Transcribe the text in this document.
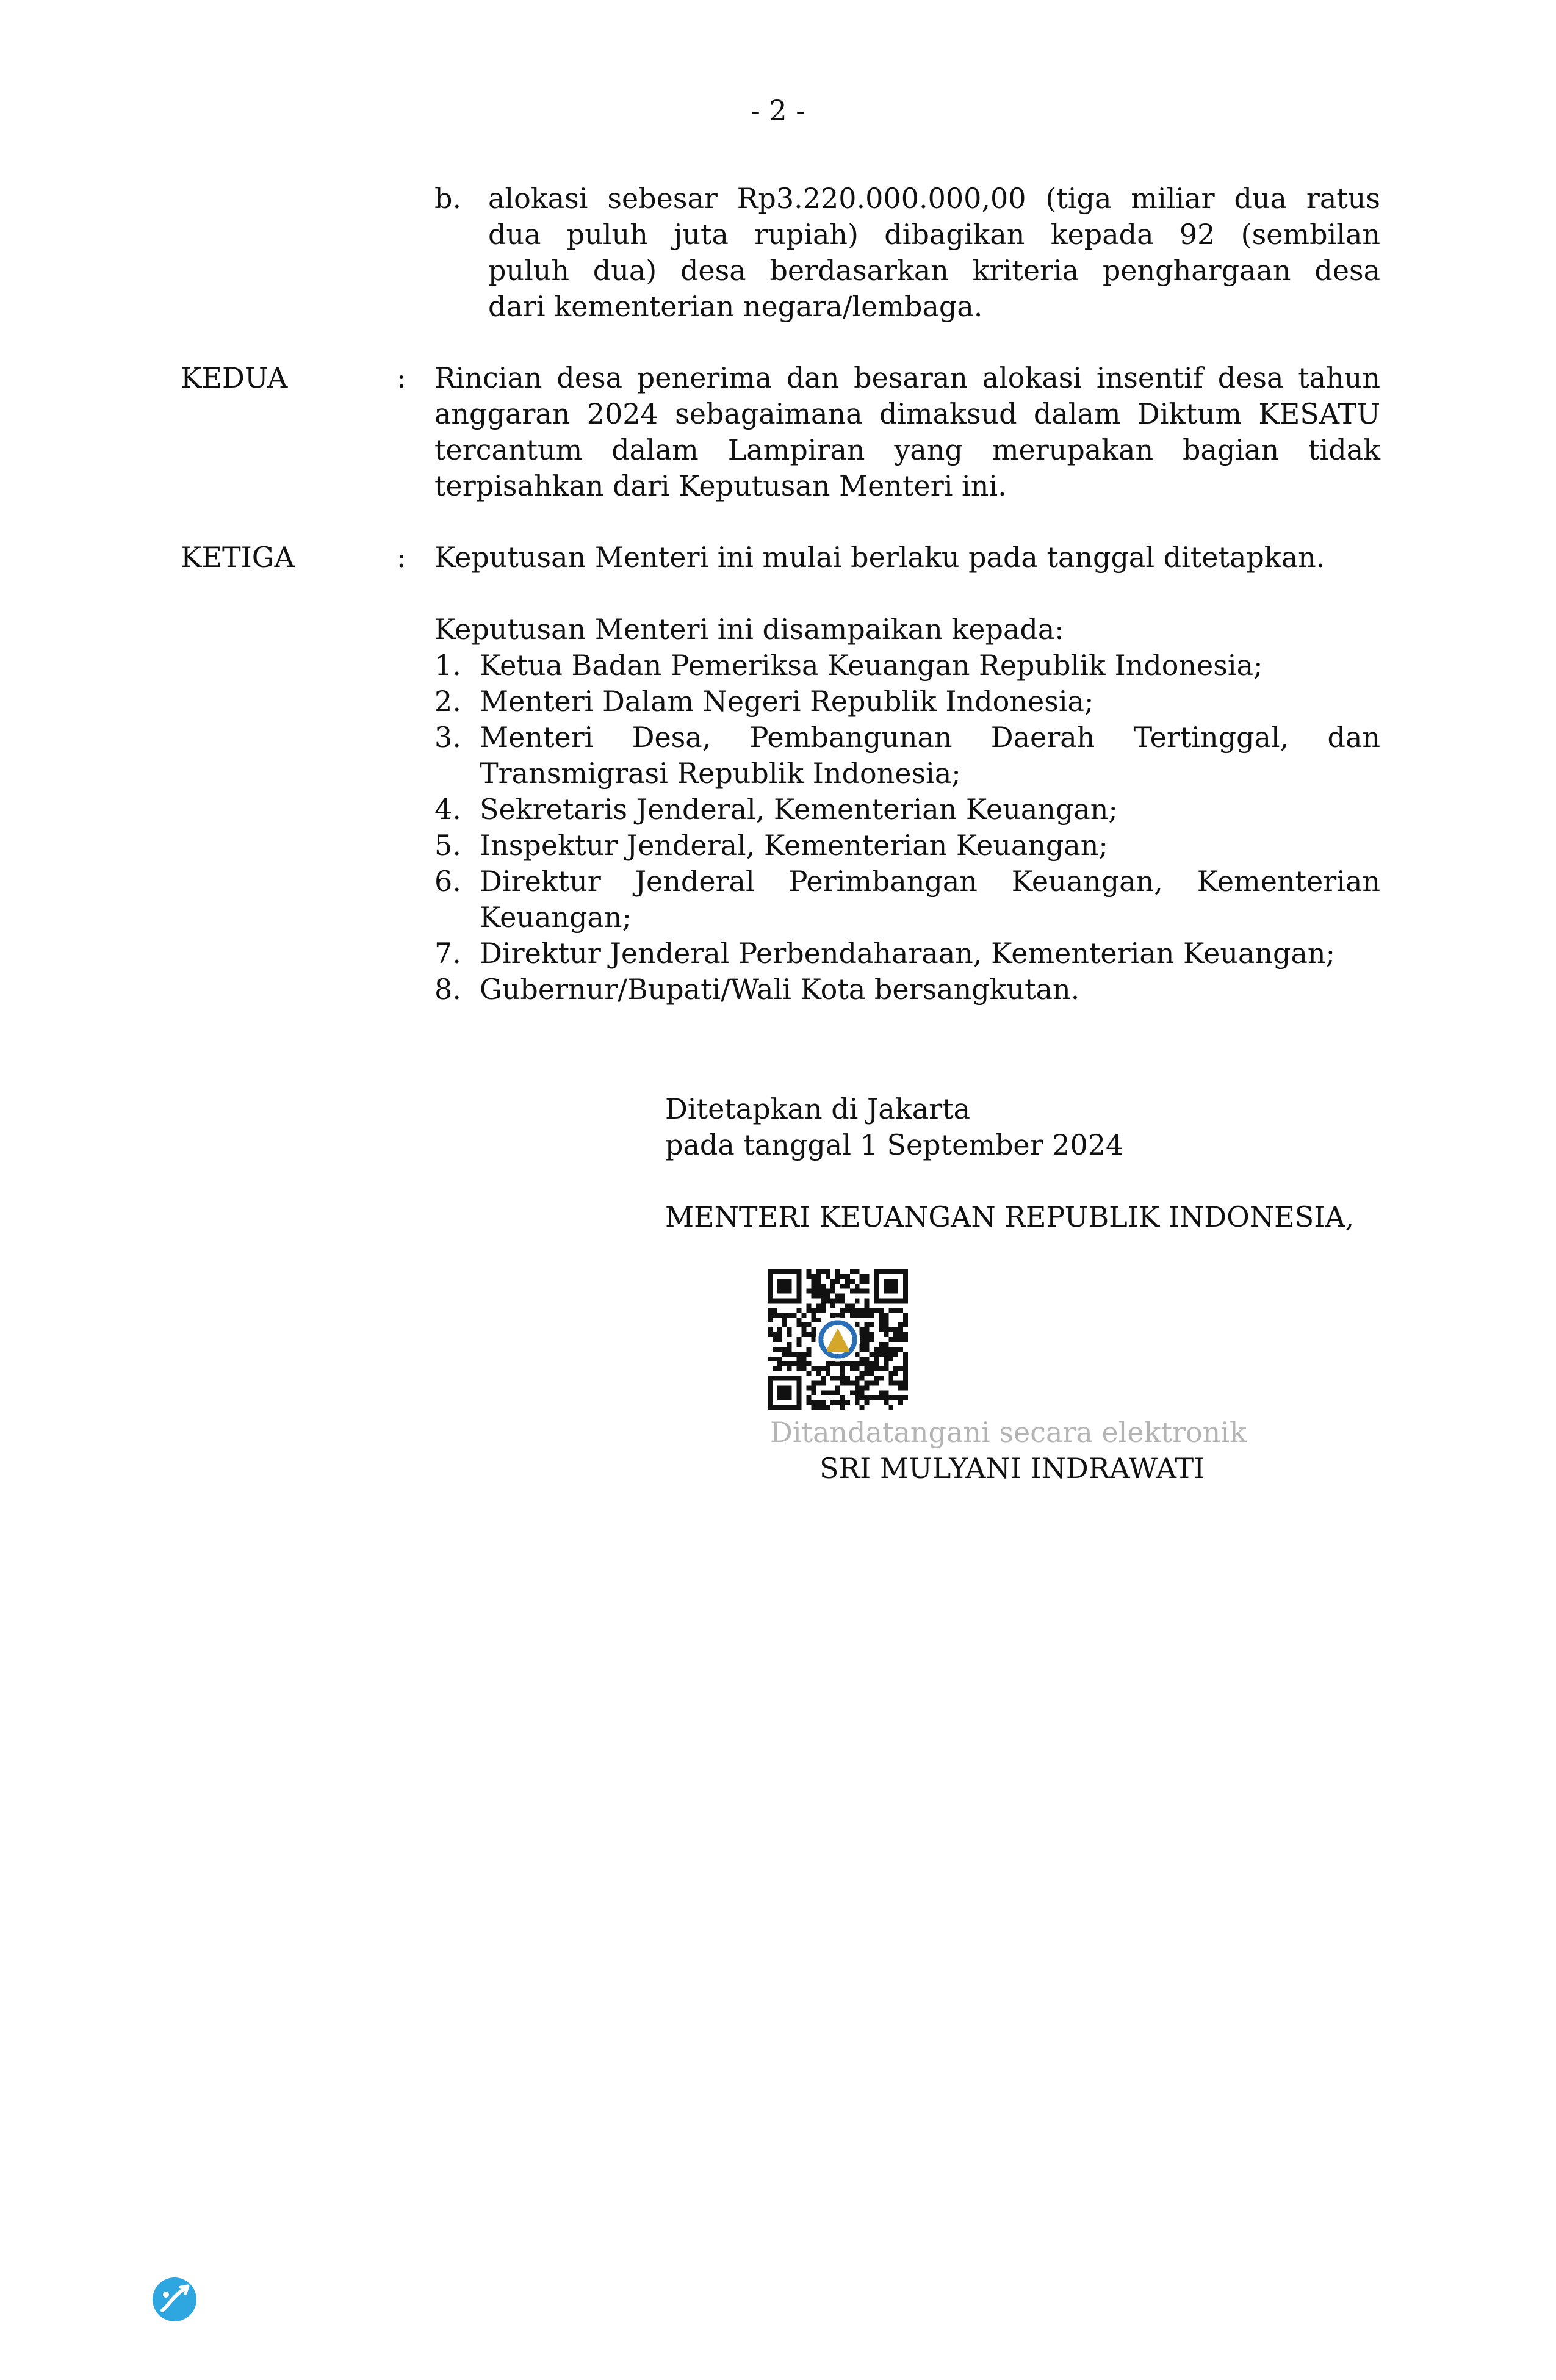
- 2 -
b. alokasi sebesar Rp3.220.000.000,00 (tiga miliar dua ratus
dua puluh juta rupiah) dibagikan kepada 92 (sembilan
puluh dua) desa berdasarkan kriteria penghargaan desa
dari kementerian negara/lembaga.
KEDUA	: Rincian desa penerima dan besaran alokasi insentif desa tahun
anggaran 2024 sebagaimana dimaksud dalam Diktum KESATU
tercantum dalam Lampiran yang merupakan bagian tidak
terpisahkan dari Keputusan Menteri ini.
KETIGA	: Keputusan Menteri ini mulai berlaku pada tanggal ditetapkan.
Keputusan Menteri ini disampaikan kepada:
1. Ketua Badan Pemeriksa Keuangan Republik Indonesia;
2. Menteri Dalam Negeri Republik Indonesia;
3. Menteri Desa, Pembangunan Daerah Tertinggal, dan
Transmigrasi Republik Indonesia;
4. Sekretaris Jenderal, Kementerian Keuangan;
5. Inspektur Jenderal, Kementerian Keuangan;
6. Direktur Jenderal Perimbangan Keuangan, Kementerian
Keuangan;
7. Direktur Jenderal Perbendaharaan, Kementerian Keuangan;
8. Gubernur/Bupati/Wali Kota bersangkutan.
Ditetapkan di Jakarta
pada tanggal 1 September 2024
MENTERI KEUANGAN REPUBLIK INDONESIA,
Ditandatangani secara elektronik
SRI MULYANI INDRAWATI
